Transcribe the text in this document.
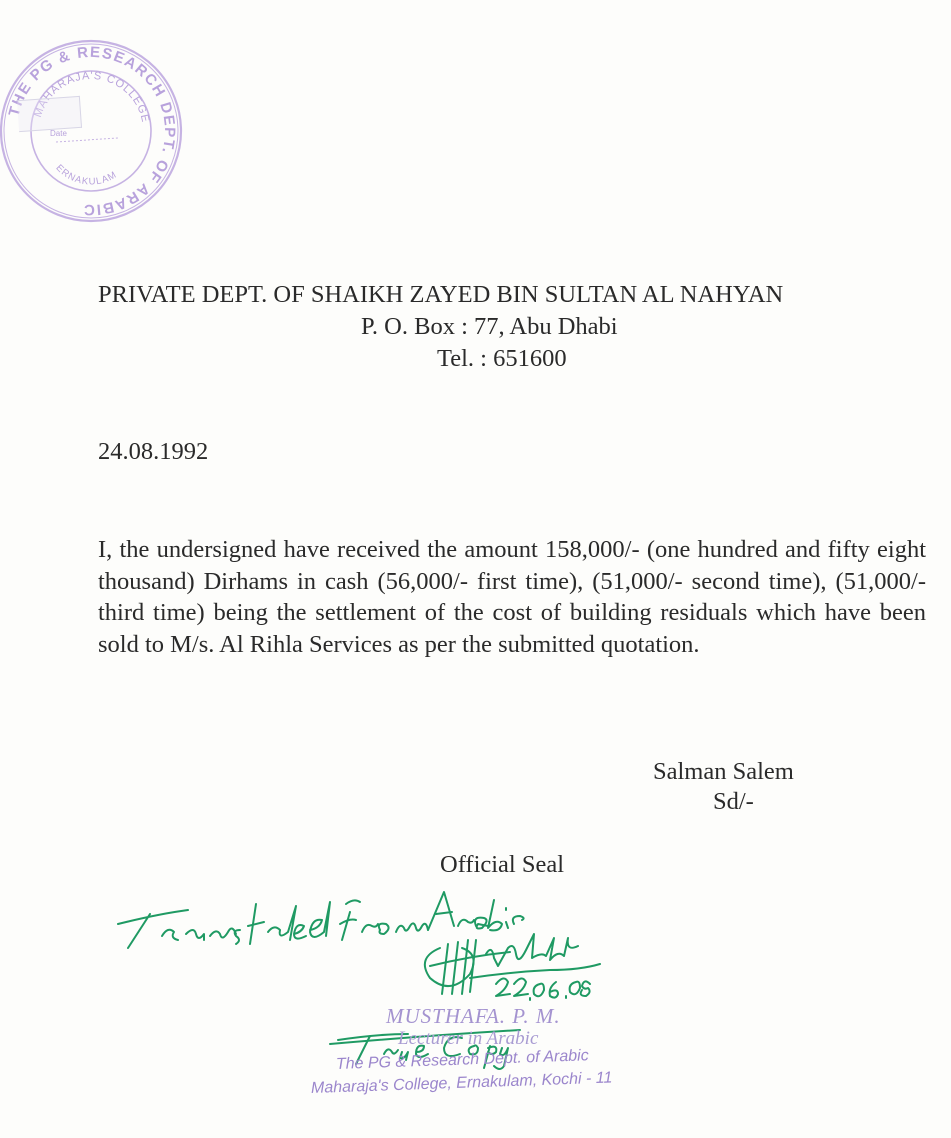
THE PG & RESEARCH DEPT. OF ARABIC
MAHARAJA'S COLLEGE
Date
ERNAKULAM
PRIVATE DEPT. OF SHAIKH ZAYED BIN SULTAN AL NAHYAN
P. O. Box : 77, Abu Dhabi
Tel. : 651600
24.08.1992
I, the undersigned have received the amount 158,000/- (one hundred and fifty eight thousand) Dirhams in cash (56,000/- first time), (51,000/- second time), (51,000/- third time) being the settlement of the cost of building residuals which have been sold to M/s. Al Rihla Services as per the submitted quotation.
Salman Salem
Sd/-
Official Seal
MUSTHAFA. P. M.
Lecturer in Arabic
The PG & Research Dept. of Arabic
Maharaja's College, Ernakulam, Kochi - 11
